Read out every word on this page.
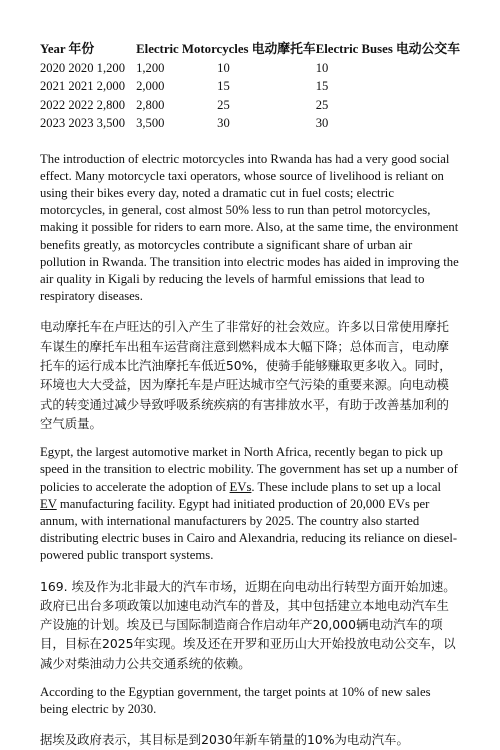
Year 年份	Electric Motorcycles 电动摩托车		Electric Buses 电动公交车
2020 2020 1,200	1,200	10	10
2021 2021 2,000	2,000	15	15
2022 2022 2,800	2,800	25	25
2023 2023 3,500	3,500	30	30

The introduction of electric motorcycles into Rwanda has had a very good social effect. Many motorcycle taxi operators, whose source of livelihood is reliant on using their bikes every day, noted a dramatic cut in fuel costs; electric motorcycles, in general, cost almost 50% less to run than petrol motorcycles, making it possible for riders to earn more. Also, at the same time, the environment benefits greatly, as motorcycles contribute a significant share of urban air pollution in Rwanda. The transition into electric modes has aided in improving the air quality in Kigali by reducing the levels of harmful emissions that lead to respiratory diseases.

电动摩托车在卢旺达的引入产生了非常好的社会效应。许多以日常使用摩托车谋生的摩托车出租车运营商注意到燃料成本大幅下降；总体而言，电动摩托车的运行成本比汽油摩托车低近50%，使骑手能够赚取更多收入。同时，环境也大大受益，因为摩托车是卢旺达城市空气污染的重要来源。向电动模式的转变通过减少导致呼吸系统疾病的有害排放水平，有助于改善基加利的空气质量。

Egypt, the largest automotive market in North Africa, recently began to pick up speed in the transition to electric mobility. The government has set up a number of policies to accelerate the adoption of EVs. These include plans to set up a local EV manufacturing facility. Egypt had initiated production of 20,000 EVs per annum, with international manufacturers by 2025. The country also started distributing electric buses in Cairo and Alexandria, reducing its reliance on diesel-powered public transport systems.

169. 埃及作为北非最大的汽车市场，近期在向电动出行转型方面开始加速。政府已出台多项政策以加速电动汽车的普及，其中包括建立本地电动汽车生产设施的计划。埃及已与国际制造商合作启动年产20,000辆电动汽车的项目，目标在2025年实现。埃及还在开罗和亚历山大开始投放电动公交车，以减少对柴油动力公共交通系统的依赖。

According to the Egyptian government, the target points at 10% of new sales being electric by 2030.

据埃及政府表示，其目标是到2030年新车销量的10%为电动汽车。
